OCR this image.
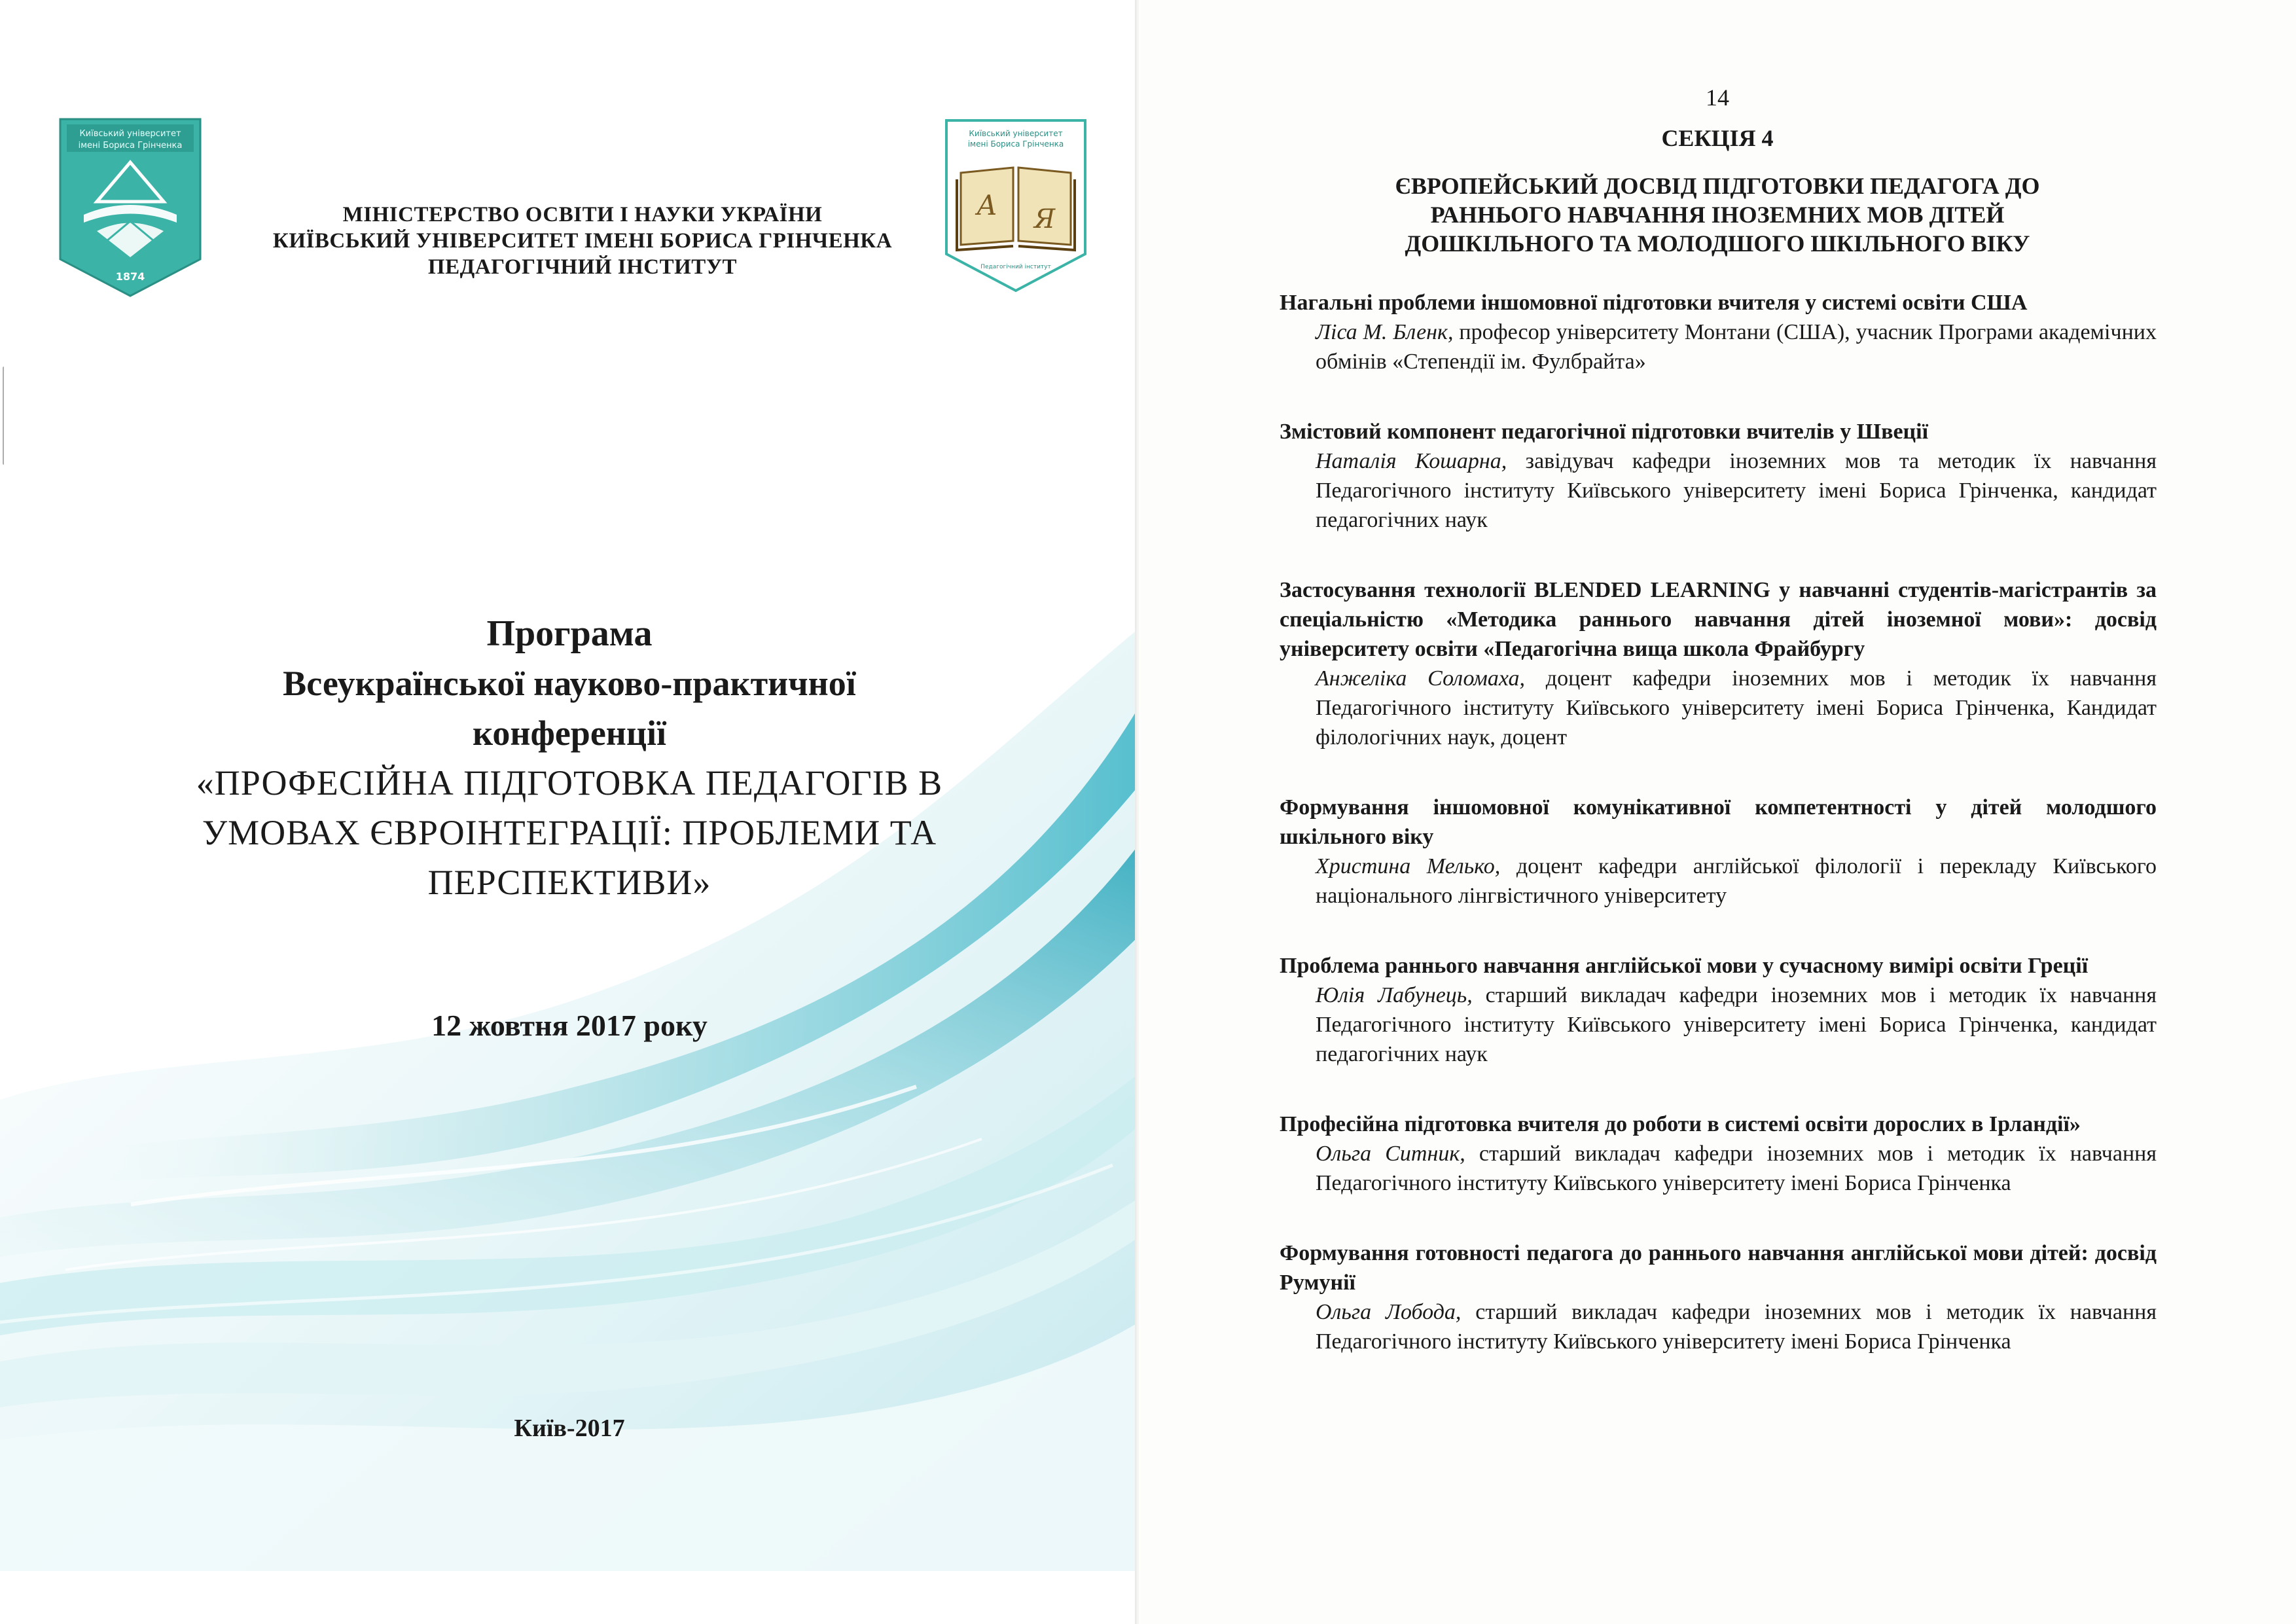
Київський університет
імені Бориса Грінченка
1874
МІНІСТЕРСТВО ОСВІТИ І НАУКИ УКРАЇНИ
КИЇВСЬКИЙ УНІВЕРСИТЕТ ІМЕНІ БОРИСА ГРІНЧЕНКА
ПЕДАГОГІЧНИЙ ІНСТИТУТ
Київський університет
імені Бориса Грінченка
А Я
Педагогічний інститут
Програма
Всеукраїнської науково-практичної
конференції
«ПРОФЕСІЙНА ПІДГОТОВКА ПЕДАГОГІВ В
УМОВАХ ЄВРОІНТЕГРАЦІЇ: ПРОБЛЕМИ ТА
ПЕРСПЕКТИВИ»
12 жовтня 2017 року
Київ-2017
14
СЕКЦІЯ 4
ЄВРОПЕЙСЬКИЙ ДОСВІД ПІДГОТОВКИ ПЕДАГОГА ДО
РАННЬОГО НАВЧАННЯ ІНОЗЕМНИХ МОВ ДІТЕЙ
ДОШКІЛЬНОГО ТА МОЛОДШОГО ШКІЛЬНОГО ВІКУ
Нагальні проблеми іншомовної підготовки вчителя у системі освіти США
Ліса М. Бленк, професор університету Монтани (США), учасник Програми академічних обмінів «Степендії ім. Фулбрайта»
Змістовий компонент педагогічної підготовки вчителів у Швеції
Наталія Кошарна, завідувач кафедри іноземних мов та методик їх навчання Педагогічного інституту Київського університету імені Бориса Грінченка, кандидат педагогічних наук
Застосування технології BLENDED LEARNING у навчанні студентів-магістрантів за спеціальністю «Методика раннього навчання дітей іноземної мови»: досвід університету освіти «Педагогічна вища школа Фрайбургу
Анжеліка Соломаха, доцент кафедри іноземних мов і методик їх навчання Педагогічного інституту Київського університету імені Бориса Грінченка, Кандидат філологічних наук, доцент
Формування іншомовної комунікативної компетентності у дітей молодшого шкільного віку
Христина Мелько, доцент кафедри англійської філології і перекладу Київського національного лінгвістичного університету
Проблема раннього навчання англійської мови у сучасному вимірі освіти Греції
Юлія Лабунець, старший викладач кафедри іноземних мов і методик їх навчання Педагогічного інституту Київського університету імені Бориса Грінченка, кандидат педагогічних наук
Професійна підготовка вчителя до роботи в системі освіти дорослих в Ірландії»
Ольга Ситник, старший викладач кафедри іноземних мов і методик їх навчання Педагогічного інституту Київського університету імені Бориса Грінченка
Формування готовності педагога до раннього навчання англійської мови дітей: досвід Румунії
Ольга Лобода, старший викладач кафедри іноземних мов і методик їх навчання Педагогічного інституту Київського університету імені Бориса Грінченка
